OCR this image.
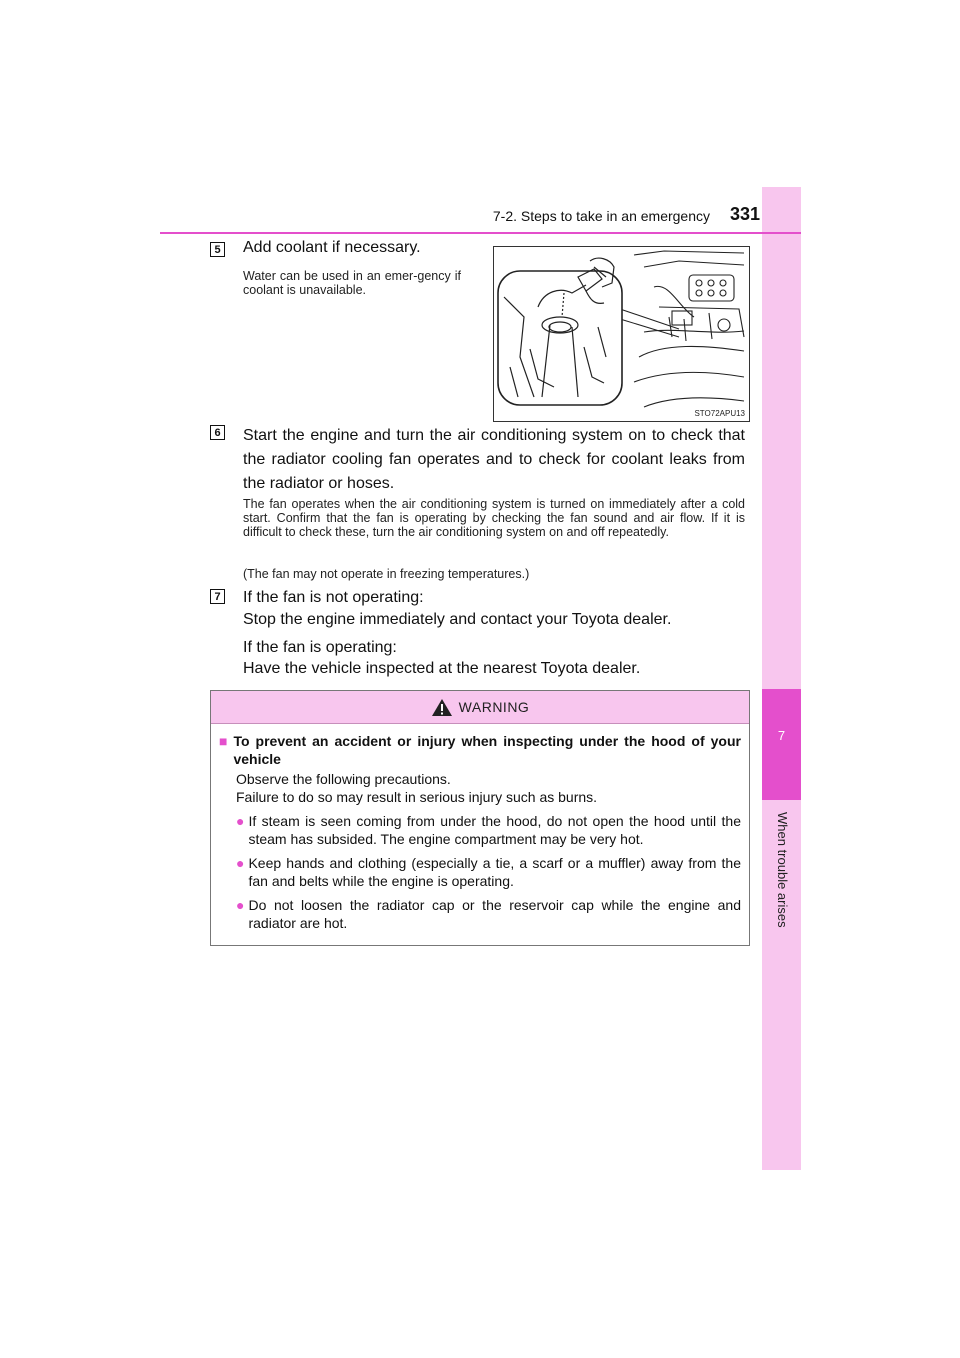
7
When trouble arises
7-2. Steps to take in an emergency	331
5 Add coolant if necessary.
Water can be used in an emer-gency if coolant is unavailable.
STO72APU13
6 Start the engine and turn the air conditioning system on to check that the radiator cooling fan operates and to check for coolant leaks from the radiator or hoses.
The fan operates when the air conditioning system is turned on immediately after a cold start. Confirm that the fan is operating by checking the fan sound and air flow. If it is difficult to check these, turn the air conditioning system on and off repeatedly.
(The fan may not operate in freezing temperatures.)
7 If the fan is not operating:
Stop the engine immediately and contact your Toyota dealer.
If the fan is operating:
Have the vehicle inspected at the nearest Toyota dealer.
WARNING
■ To prevent an accident or injury when inspecting under the hood of your vehicle
Observe the following precautions.
Failure to do so may result in serious injury such as burns.
● If steam is seen coming from under the hood, do not open the hood until the steam has subsided. The engine compartment may be very hot.
● Keep hands and clothing (especially a tie, a scarf or a muffler) away from the fan and belts while the engine is operating.
● Do not loosen the radiator cap or the reservoir cap while the engine and radiator are hot.
